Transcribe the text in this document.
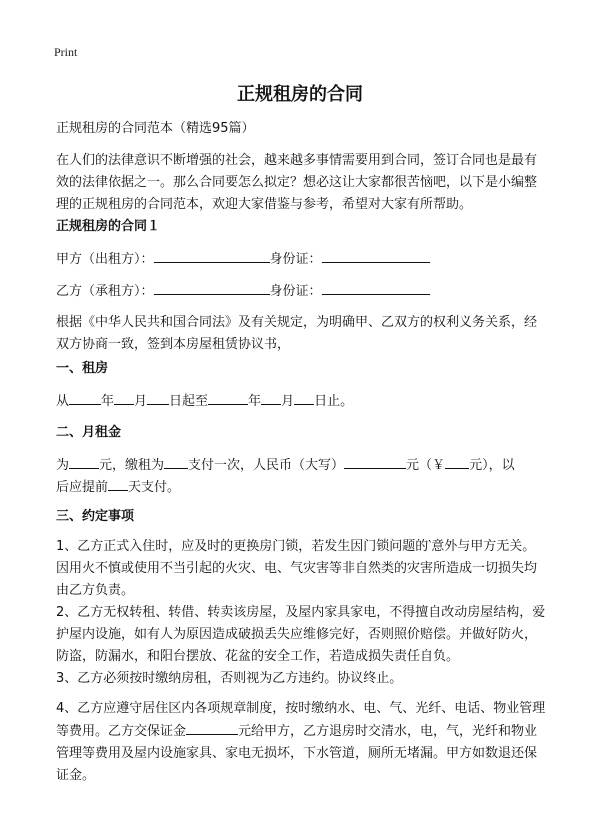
Print
正规租房的合同

正规租房的合同范本（精选95篇）

在人们的法律意识不断增强的社会，越来越多事情需要用到合同，签订合同也是最有效的法律依据之一。那么合同要怎么拟定？想必这让大家都很苦恼吧，以下是小编整理的正规租房的合同范本，欢迎大家借鉴与参考，希望对大家有所帮助。

正规租房的合同１

甲方（出租方）：	身份证：
乙方（承租方）：	身份证：

根据《中华人民共和国合同法》及有关规定，为明确甲、乙双方的权利义务关系，经双方协商一致，签到本房屋租赁协议书，

一、租房

从 年 月 日起至	年 月 日止。

二、月租金

为 元，缴租为 支付一次，人民币（大写）	元（￥ 元），以
后应提前 天支付。

三、约定事项

1、乙方正式入住时，应及时的更换房门锁，若发生因门锁问题的‵意外与甲方无关。因用火不慎或使用不当引起的火灾、电、气灾害等非自然类的灾害所造成一切损失均由乙方负责。

2、乙方无权转租、转借、转卖该房屋，及屋内家具家电，不得擅自改动房屋结构，爱护屋内设施，如有人为原因造成破损丢失应维修完好，否则照价赔偿。并做好防火，防盗，防漏水，和阳台摆放、花盆的安全工作，若造成损失责任自负。

3、乙方必须按时缴纳房租，否则视为乙方违约。协议终止。

4、乙方应遵守居住区内各项规章制度，按时缴纳水、电、气、光纤、电话、物业管理等费用。乙方交保证金	元给甲方，乙方退房时交清水，电，气，光纤和物业管理等费用及屋内设施家具、家电无损坏，下水管道，厕所无堵漏。甲方如数退还保证金。
